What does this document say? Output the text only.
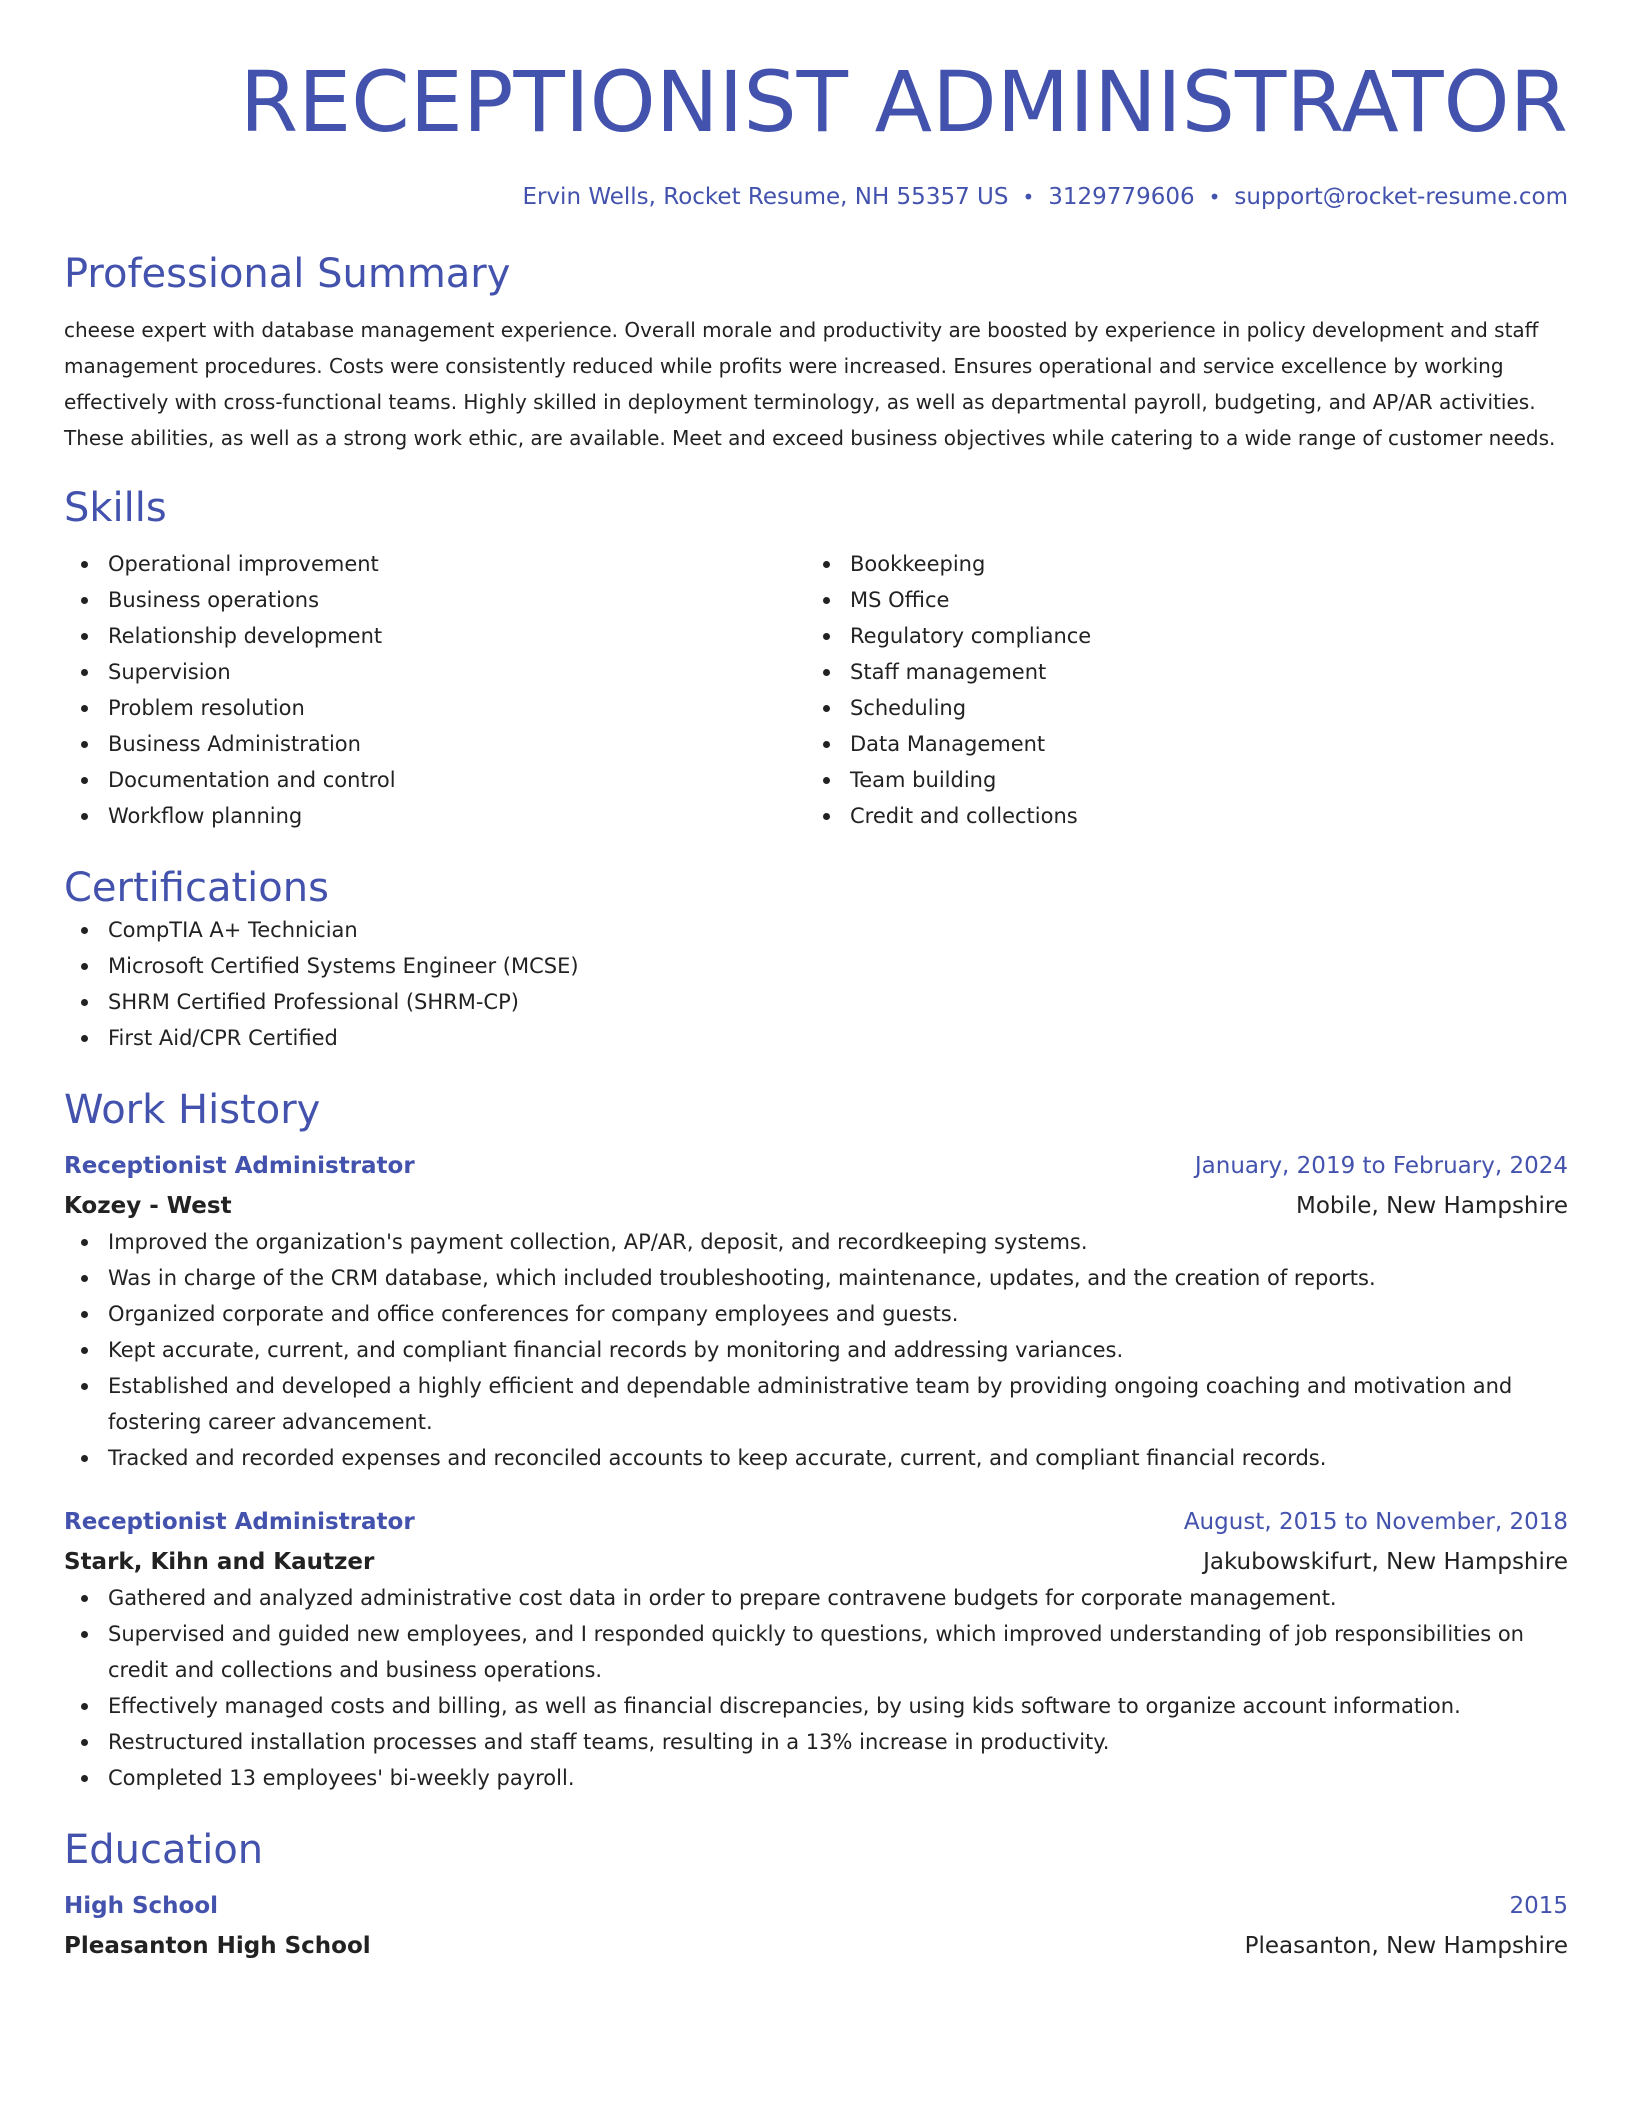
RECEPTIONIST ADMINISTRATOR
Ervin Wells, Rocket Resume, NH 55357 US • 3129779606 • support@rocket-resume.com
Professional Summary
cheese expert with database management experience. Overall morale and productivity are boosted by experience in policy development and staff management procedures. Costs were consistently reduced while profits were increased. Ensures operational and service excellence by working effectively with cross-functional teams. Highly skilled in deployment terminology, as well as departmental payroll, budgeting, and AP/AR activities. These abilities, as well as a strong work ethic, are available. Meet and exceed business objectives while catering to a wide range of customer needs.
Skills
Operational improvement
Business operations
Relationship development
Supervision
Problem resolution
Business Administration
Documentation and control
Workflow planning
Bookkeeping
MS Office
Regulatory compliance
Staff management
Scheduling
Data Management
Team building
Credit and collections
Certifications
CompTIA A+ Technician
Microsoft Certified Systems Engineer (MCSE)
SHRM Certified Professional (SHRM-CP)
First Aid/CPR Certified
Work History
Receptionist Administrator	January, 2019 to February, 2024
Kozey - West	Mobile, New Hampshire
Improved the organization's payment collection, AP/AR, deposit, and recordkeeping systems.
Was in charge of the CRM database, which included troubleshooting, maintenance, updates, and the creation of reports.
Organized corporate and office conferences for company employees and guests.
Kept accurate, current, and compliant financial records by monitoring and addressing variances.
Established and developed a highly efficient and dependable administrative team by providing ongoing coaching and motivation and fostering career advancement.
Tracked and recorded expenses and reconciled accounts to keep accurate, current, and compliant financial records.
Receptionist Administrator	August, 2015 to November, 2018
Stark, Kihn and Kautzer	Jakubowskifurt, New Hampshire
Gathered and analyzed administrative cost data in order to prepare contravene budgets for corporate management.
Supervised and guided new employees, and I responded quickly to questions, which improved understanding of job responsibilities on credit and collections and business operations.
Effectively managed costs and billing, as well as financial discrepancies, by using kids software to organize account information.
Restructured installation processes and staff teams, resulting in a 13% increase in productivity.
Completed 13 employees' bi-weekly payroll.
Education
High School	2015
Pleasanton High School	Pleasanton, New Hampshire
